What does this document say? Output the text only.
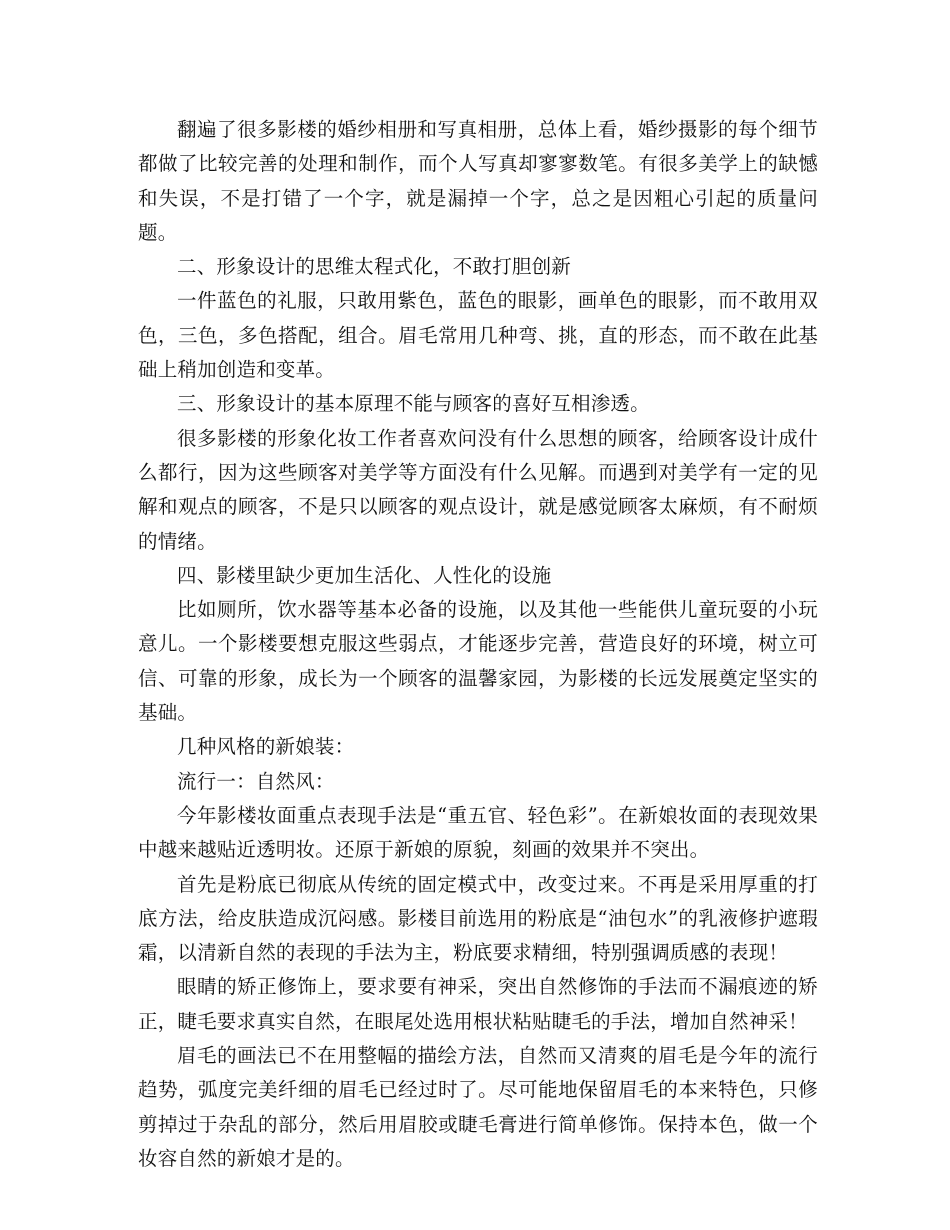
翻遍了很多影楼的婚纱相册和写真相册，总体上看，婚纱摄影的每个细节都做了比较完善的处理和制作，而个人写真却寥寥数笔。有很多美学上的缺憾和失误，不是打错了一个字，就是漏掉一个字，总之是因粗心引起的质量问题。

二、形象设计的思维太程式化，不敢打胆创新

一件蓝色的礼服，只敢用紫色，蓝色的眼影，画单色的眼影，而不敢用双色，三色，多色搭配，组合。眉毛常用几种弯、挑，直的形态，而不敢在此基础上稍加创造和变革。

三、形象设计的基本原理不能与顾客的喜好互相渗透。

很多影楼的形象化妆工作者喜欢问没有什么思想的顾客，给顾客设计成什么都行，因为这些顾客对美学等方面没有什么见解。而遇到对美学有一定的见解和观点的顾客，不是只以顾客的观点设计，就是感觉顾客太麻烦，有不耐烦的情绪。

四、影楼里缺少更加生活化、人性化的设施

比如厕所，饮水器等基本必备的设施，以及其他一些能供儿童玩耍的小玩意儿。一个影楼要想克服这些弱点，才能逐步完善，营造良好的环境，树立可信、可靠的形象，成长为一个顾客的温馨家园，为影楼的长远发展奠定坚实的基础。

几种风格的新娘装：

流行一：自然风：

今年影楼妆面重点表现手法是“重五官、轻色彩”。在新娘妆面的表现效果中越来越贴近透明妆。还原于新娘的原貌，刻画的效果并不突出。

首先是粉底已彻底从传统的固定模式中，改变过来。不再是采用厚重的打底方法，给皮肤造成沉闷感。影楼目前选用的粉底是“油包水”的乳液修护遮瑕霜，以清新自然的表现的手法为主，粉底要求精细，特别强调质感的表现！

眼睛的矫正修饰上，要求要有神采，突出自然修饰的手法而不漏痕迹的矫正，睫毛要求真实自然，在眼尾处选用根状粘贴睫毛的手法，增加自然神采！

眉毛的画法已不在用整幅的描绘方法，自然而又清爽的眉毛是今年的流行趋势，弧度完美纤细的眉毛已经过时了。尽可能地保留眉毛的本来特色，只修剪掉过于杂乱的部分，然后用眉胶或睫毛膏进行简单修饰。保持本色，做一个妆容自然的新娘才是的。
